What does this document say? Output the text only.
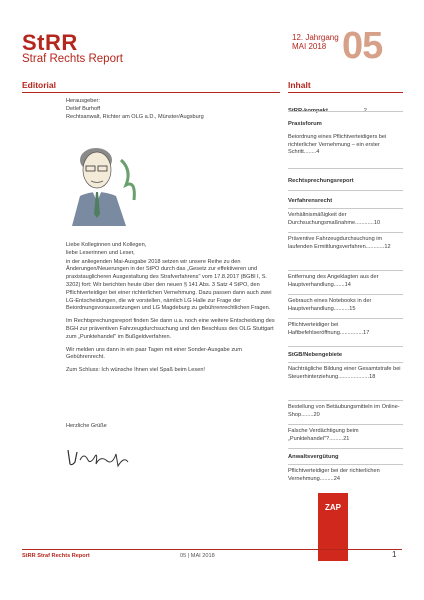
StRR
Straf Rechts Report
12. Jahrgang
MAI 2018 05
Editorial
Herausgeber:
Detlef Burhoff
Rechtsanwalt, Richter am OLG a.D., Münster/Augsburg

Liebe Kolleginnen und Kollegen,
liebe Leserinnen und Leser,

in der anliegenden Mai-Ausgabe 2018 setzen wir unsere Reihe zu den Änderungen/Neuerungen in der StPO durch das „Gesetz zur effektiveren und praxistauglicheren Ausgestaltung des Strafverfahrens" vom 17.8.2017 (BGBl I, S. 3202) fort: Wir berichten heute über den neuen § 141 Abs. 3 Satz 4 StPO, den Pflichtverteidiger bei einer richterlichen Vernehmung. Dazu passen dann auch zwei LG-Entscheidungen, die wir vorstellen, nämlich LG Halle zur Frage der Beiordnungsvoraussetzungen und LG Magdeburg zu gebührenrechtlichen Fragen.

Im Rechtsprechungsreport finden Sie dann u.a. noch eine weitere Entscheidung des BGH zur präventiven Fahrzeugdurchsuchung und den Beschluss des OLG Stuttgart zum „Punktehandel" im Bußgeldverfahren.

Wir melden uns dann in ein paar Tagen mit einer Sonder-Ausgabe zum Gebührenrecht.

Zum Schluss: Ich wünsche Ihnen viel Spaß beim Lesen!

Herzliche Grüße
Inhalt
Praxisforum
Beiordnung eines Pflichtverteidigers bei richterlicher Vernehmung – ein erster Schritt........4
Rechtsprechungsreport
Verfahrensrecht
Verhältnismäßigkeit der Durchsuchungsmaßnahme............10
Präventive Fahrzeugdurchsuchung im laufenden Ermittlungsverfahren............12
Entfernung des Angeklagten aus der Hauptverhandlung.......14
Gebrauch eines Notebooks in der Hauptverhandlung..........15
Pflichtverteidiger bei Haftbefehlseröffnung...............17
StGB/Nebengebiete
Nachträgliche Bildung einer Gesamtstrafe bei Steuerhinterziehung....................18
Bestellung von Betäubungsmitteln im Online-Shop........20
Falsche Verdächtigung beim „Punktehandel"?.........21
Anwaltsvergütung
Pflichtverteidiger bei der richterlichen Vernehmung.........24
ZAP
StRR Straf Rechts Report	05 | MAI 2018	1
